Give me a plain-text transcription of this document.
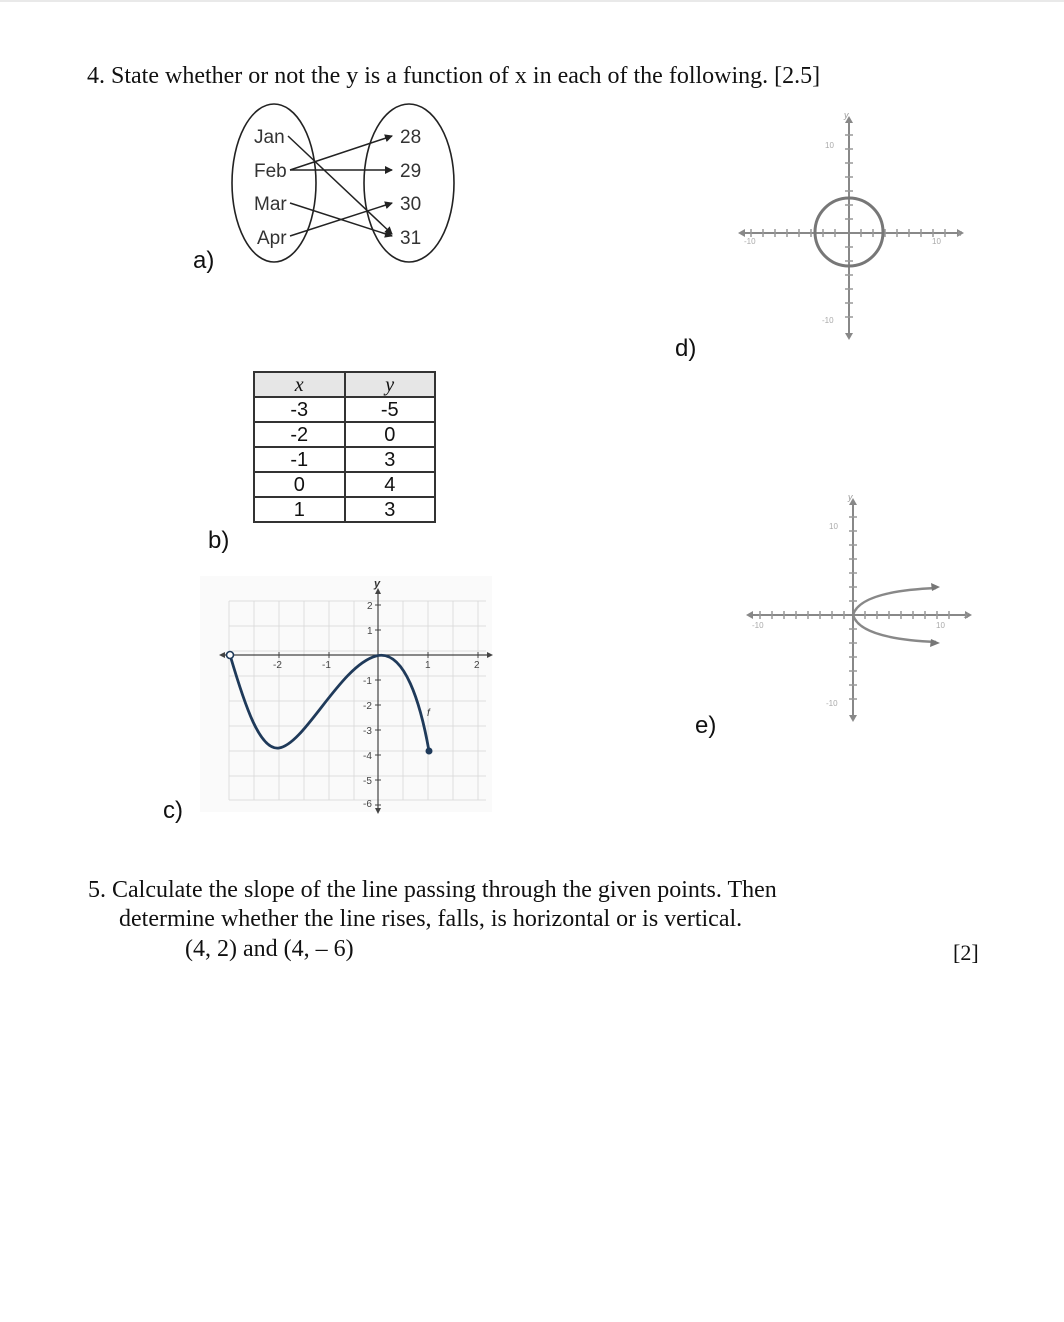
4. State whether or not the y is a function of x in each of the following. [2.5]
a)
Jan
Feb
Mar
Apr
28
29
30
31
d)
y
x
10
-10	10
-10
b)
x	y
-3	-5
-2	0
-1	3
0	4
1	3
e)
y
x
10
-10	10
-10
c)
y
-2	-1	1	2
2
1
-1
-2
-3
-4
-5
-6
f
5. Calculate the slope of the line passing through the given points. Then
determine whether the line rises, falls, is horizontal or is vertical.
(4, 2) and (4, – 6)	[2]
